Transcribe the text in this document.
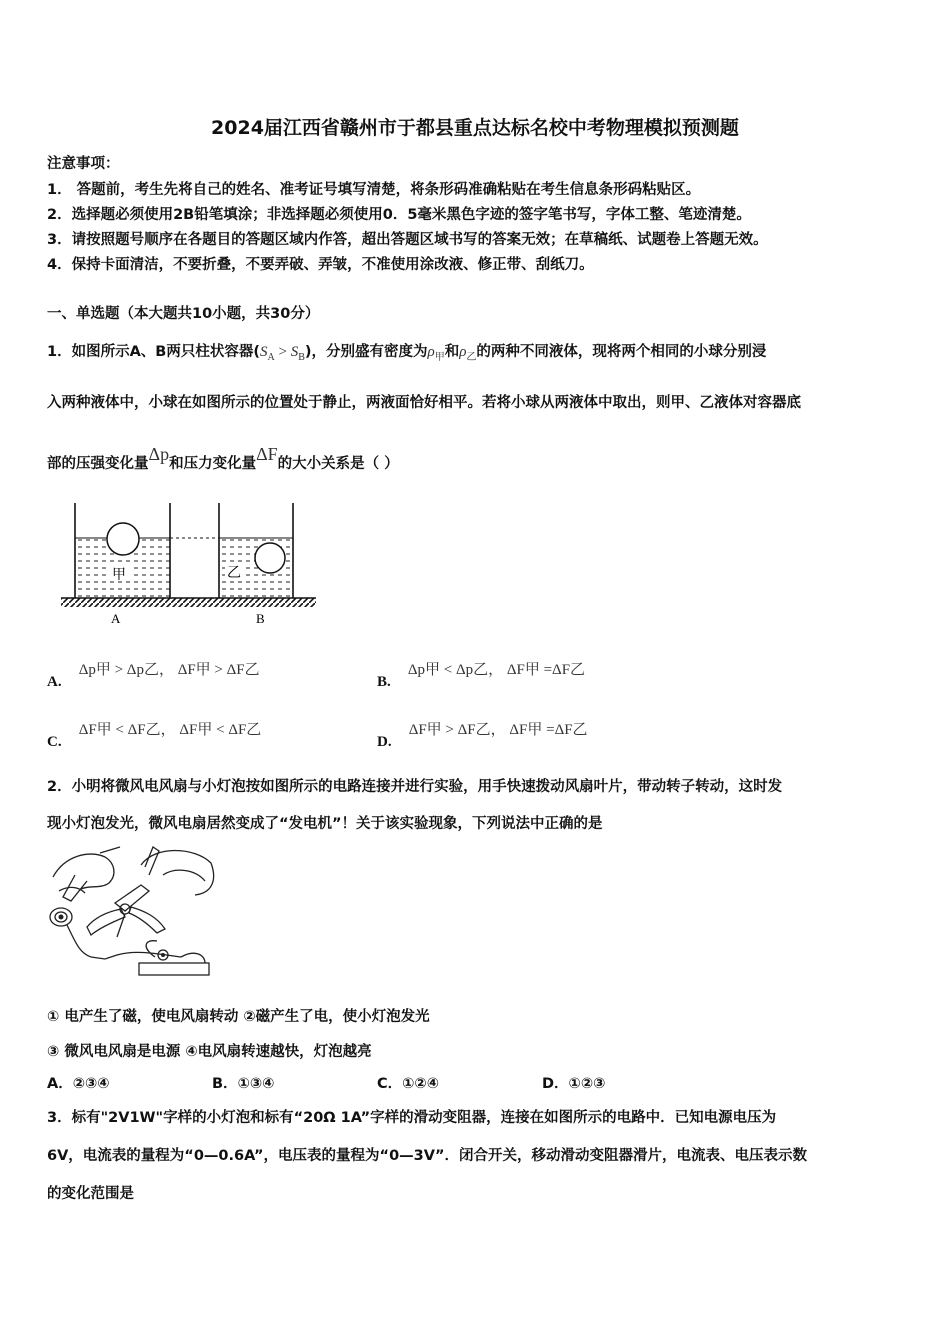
2024届江西省赣州市于都县重点达标名校中考物理模拟预测题
注意事项：
1． 答题前，考生先将自己的姓名、准考证号填写清楚，将条形码准确粘贴在考生信息条形码粘贴区。
2．选择题必须使用2B铅笔填涂；非选择题必须使用0．5毫米黑色字迹的签字笔书写，字体工整、笔迹清楚。
3．请按照题号顺序在各题目的答题区域内作答，超出答题区域书写的答案无效；在草稿纸、试题卷上答题无效。
4．保持卡面清洁，不要折叠，不要弄破、弄皱，不准使用涂改液、修正带、刮纸刀。
一、单选题（本大题共10小题，共30分）
1．如图所示A、B两只柱状容器$(S_A > S_B)$，分别盛有密度为$\rho_甲$和$\rho_乙$的两种不同液体，现将两个相同的小球分别浸
入两种液体中，小球在如图所示的位置处于静止，两液面恰好相平。若将小球从两液体中取出，则甲、乙液体对容器底
部的压强变化量Δp和压力变化量ΔF的大小关系是（ ）
甲	乙
A	B
A. Δp甲 > Δp乙， ΔF甲 > ΔF乙
B. Δp甲 < Δp乙， ΔF甲 =ΔF乙
C. ΔF甲 < ΔF乙， ΔF甲 < ΔF乙
D. ΔF甲 > ΔF乙， ΔF甲 =ΔF乙
2．小明将微风电风扇与小灯泡按如图所示的电路连接并进行实验，用手快速拨动风扇叶片，带动转子转动，这时发
现小灯泡发光，微风电扇居然变成了“发电机”！关于该实验现象，下列说法中正确的是
① 电产生了磁，使电风扇转动 ②磁产生了电，使小灯泡发光
③ 微风电风扇是电源 ④电风扇转速越快，灯泡越亮
A．②③④	B．①③④	C．①②④	D．①②③
3．标有"2V1W"字样的小灯泡和标有“20Ω 1A”字样的滑动变阻器，连接在如图所示的电路中．已知电源电压为
6V，电流表的量程为“0—0.6A”，电压表的量程为“0—3V”．闭合开关，移动滑动变阻器滑片，电流表、电压表示数
的变化范围是
